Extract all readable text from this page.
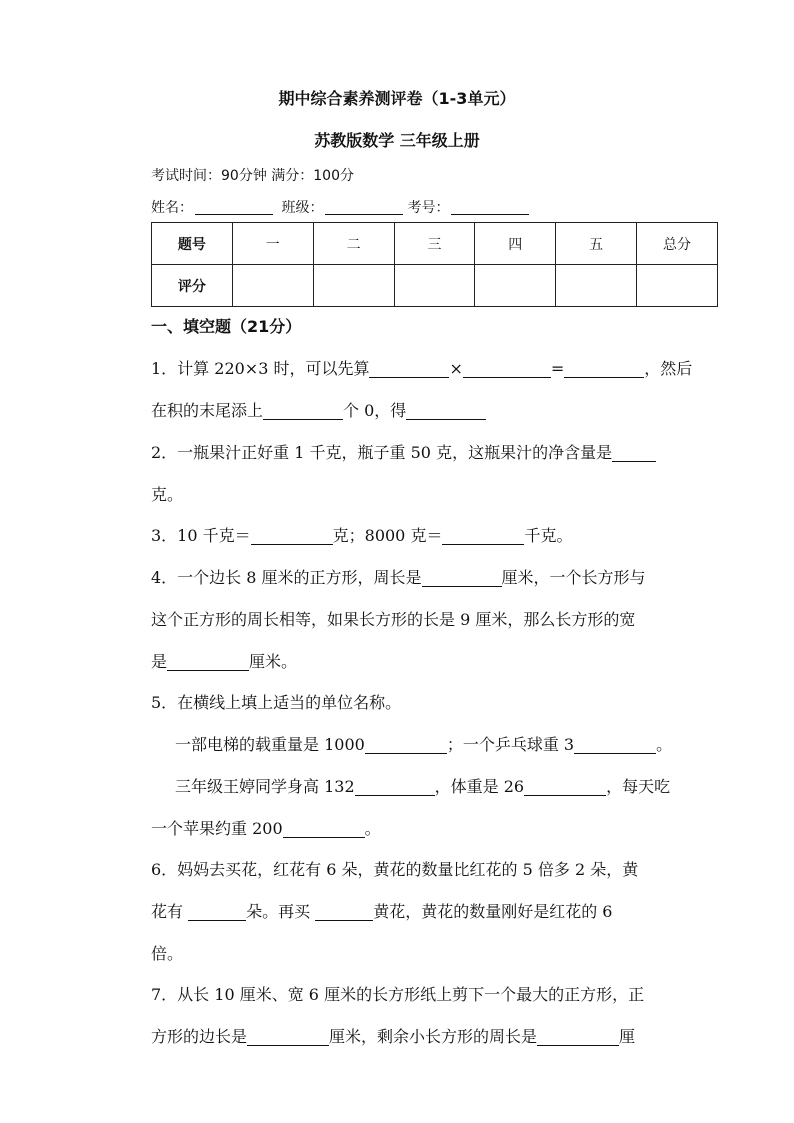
期中综合素养测评卷（1-3单元）
苏教版数学 三年级上册
考试时间：90分钟 满分：100分
姓名：	班级：	考号：
题号	一	二	三	四	五	总分
评分						
一、填空题（21分）
1．计算 220×3 时，可以先算	×	=	，然后
在积的末尾添上	个 0，得
2．一瓶果汁正好重 1 千克，瓶子重 50 克，这瓶果汁的净含量是
克。
3．10 千克＝	克；8000 克＝	千克。
4．一个边长 8 厘米的正方形，周长是	厘米，一个长方形与
这个正方形的周长相等，如果长方形的长是 9 厘米，那么长方形的宽
是	厘米。
5．在横线上填上适当的单位名称。
一部电梯的载重量是 1000	；一个乒乓球重 3	。
三年级王婷同学身高 132	，体重是 26	，每天吃
一个苹果约重 200	。
6．妈妈去买花，红花有 6 朵，黄花的数量比红花的 5 倍多 2 朵，黄
花有	朵。再买	黄花，黄花的数量刚好是红花的 6
倍。
7．从长 10 厘米、宽 6 厘米的长方形纸上剪下一个最大的正方形，正
方形的边长是	厘米，剩余小长方形的周长是	厘
